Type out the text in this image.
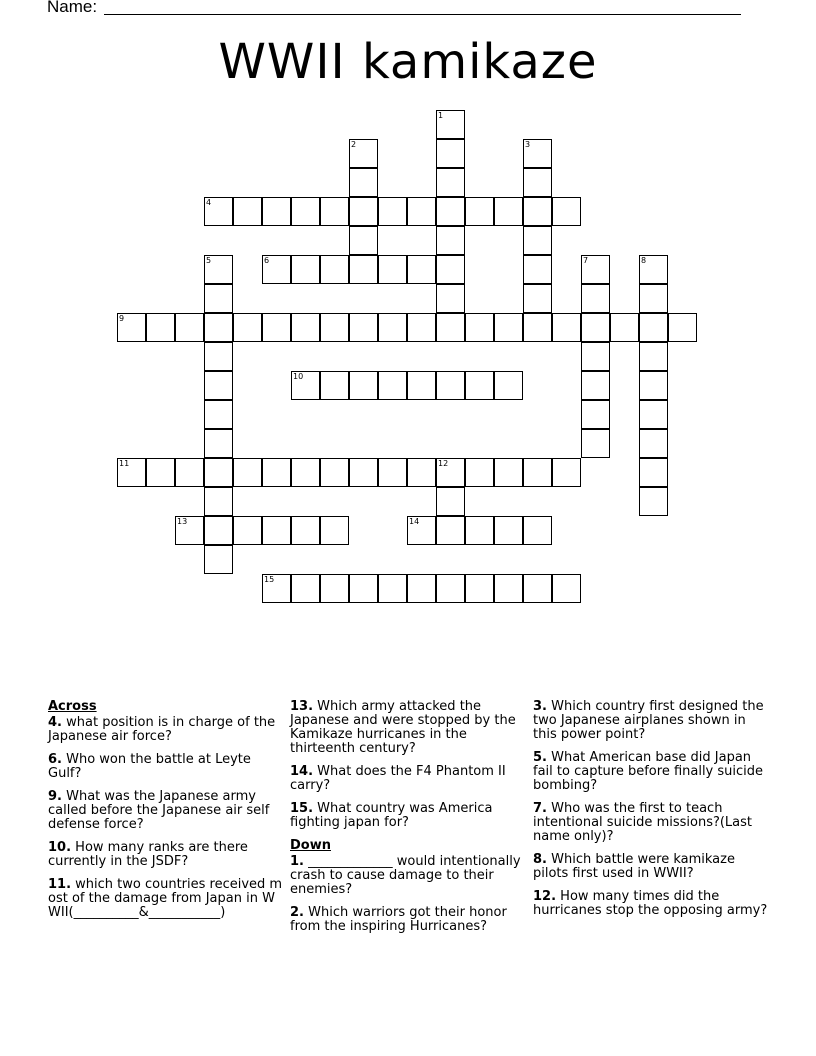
Name:
WWII kamikaze
1
2	3
4
5	6	7	8
9
10
11	12
13	14
15
Across
4. what position is in charge of the Japanese air force?
6. Who won the battle at Leyte Gulf?
9. What was the Japanese army called before the Japanese air self defense force?
10. How many ranks are there currently in the JSDF?
11. which two countries received most of the damage from Japan in WWII(__________&___________)
13. Which army attacked the Japanese and were stopped by the Kamikaze hurricanes in the thirteenth century?
14. What does the F4 Phantom II carry?
15. What country was America fighting japan for?
Down
1. _____________ would intentionally crash to cause damage to their enemies?
2. Which warriors got their honor from the inspiring Hurricanes?
3. Which country first designed the two Japanese airplanes shown in this power point?
5. What American base did Japan fail to capture before finally suicide bombing?
7. Who was the first to teach intentional suicide missions?(Last name only)?
8. Which battle were kamikaze pilots first used in WWII?
12. How many times did the hurricanes stop the opposing army?
